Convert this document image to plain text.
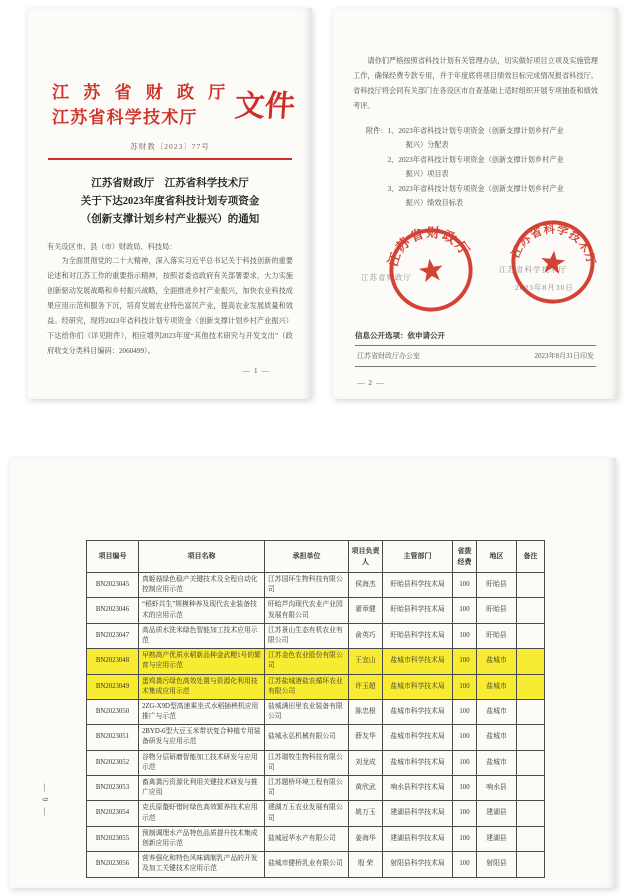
江 苏 省 财 政 厅
江苏省科学技术厅	文件
苏财教〔2023〕77号
江苏省财政厅　江苏省科学技术厅
关于下达2023年度省科技计划专项资金
（创新支撑计划乡村产业振兴）的通知
有关设区市、县（市）财政局、科技局：

为全面贯彻党的二十大精神，深入落实习近平总书记关于科技创新的重要论述和对江苏工作的重要指示精神，按照省委省政府有关部署要求，大力实施创新驱动发展战略和乡村振兴战略，全面推进乡村产业振兴，加快农业科技成果应用示范和服务下沉，培育发展农业特色富民产业，提高农业发展质量和效益。经研究，现将2023年省科技计划专项资金（创新支撑计划乡村产业振兴）下达给你们（详见附件），相应增列2023年度“其他技术研究与开发支出”（政府收支分类科目编码：2060499）。

— 1 —

请你们严格按照省科技计划有关管理办法，切实做好项目立项及实施管理工作，确保经费专款专用，并于年度底将项目绩效目标完成情况报省科技厅。省科技厅将会同有关部门在各设区市自查基础上适时组织开展专项抽查和绩效考评。

附件： 1、2023年省科技计划专项资金（创新支撑计划乡村产业振兴）分配表
2、2023年省科技计划专项资金（创新支撑计划乡村产业振兴）项目表
3、2023年省科技计划专项资金（创新支撑计划乡村产业振兴）绩效目标表
江苏省财政厅
江苏省科学技术厅
2023年8月30日
江苏省财政厅	江苏省科学技术厅
信息公开选项：依申请公开
江苏省财政厅办公室	2023年8月31日印发
— 2 —
— 9 —
项目编号	项目名称	承担单位	项目负责人	主管部门	省拨经费	地区	备注
BN2023045	真姬菇绿色稳产关键技术及全程自动化控制应用示范	江苏国环生物科技有限公司	侯海杰	盱眙县科学技术局	100	盱眙县	
BN2023046	“稻虾共生”规模种养及现代农业装备技术的应用示范	盱眙芦沟现代农业产业园发展有限公司	翟章健	盱眙县科学技术局	100	盱眙县	
BN2023047	高品质水洗米绿色智能加工技术应用示范	江苏景山生态有机农业有限公司	俞英巧	盱眙县科学技术局	100	盱眙县	
BN2023048	早熟高产优质水稻新品种金武粳1号的繁育与应用示范	江苏金色农业股份有限公司	王宜山	盐城市科学技术局	100	盐城市	
BN2023049	蛋鸡粪污绿色高效处置与资源化利用技术集成应用示范	江苏盐城港盐农循环农业有限公司	许玉超	盐城市科学技术局	100	盐城市	
BN2023050	2ZG-X9D型高速乘坐式水稻插秧机应用推广与示范	盐城满田里农业装备有限公司	陈忠根	盐城市科学技术局	100	盐城市	
BN2023051	2BYD-6型大豆玉米带状复合种植专用装备研发与应用示范	盐城永弘机械有限公司	薛友华	盐城市科学技术局	100	盐城市	
BN2023052	谷物分层研磨智能加工技术研发与应用示范	江苏瑞牧生物科技有限公司	刘龙成	盐城市科学技术局	100	盐城市	
BN2023053	畜禽粪污资源化利用关键技术研发与推广应用	江苏题桥环境工程有限公司	黄欣武	响水县科学技术局	100	响水县	
BN2023054	克氏原螯虾错时绿色高效繁养技术应用示范	建湖万玉农业发展有限公司	姚万玉	建湖县科学技术局	100	建湖县	
BN2023055	预制调理水产品特色品质提升技术集成创新应用示范	盐城冠华水产有限公司	姜海华	建湖县科学技术局	100	建湖县	
BN2023056	营养强化和特色风味调制乳产品的开发及加工关键技术应用示范	盐城市健桥乳业有限公司	殷 荣	射阳县科学技术局	100	射阳县	
